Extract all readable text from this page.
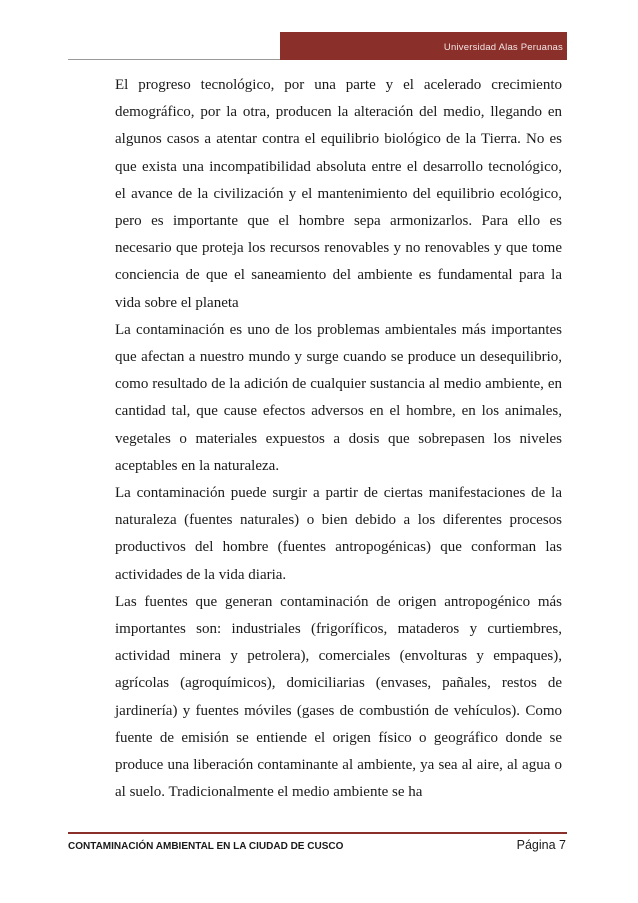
Universidad Alas Peruanas

El progreso tecnológico, por una parte y el acelerado crecimiento demográfico, por la otra, producen la alteración del medio, llegando en algunos casos a atentar contra el equilibrio biológico de la Tierra. No es que exista una incompatibilidad absoluta entre el desarrollo tecnológico, el avance de la civilización y el mantenimiento del equilibrio ecológico, pero es importante que el hombre sepa armonizarlos. Para ello es necesario que proteja los recursos renovables y no renovables y que tome conciencia de que el saneamiento del ambiente es fundamental para la vida sobre el planeta

La contaminación es uno de los problemas ambientales más importantes que afectan a nuestro mundo y surge cuando se produce un desequilibrio, como resultado de la adición de cualquier sustancia al medio ambiente, en cantidad tal, que cause efectos adversos en el hombre, en los animales, vegetales o materiales expuestos a dosis que sobrepasen los niveles aceptables en la naturaleza.

La contaminación puede surgir a partir de ciertas manifestaciones de la naturaleza (fuentes naturales) o bien debido a los diferentes procesos productivos del hombre (fuentes antropogénicas) que conforman las actividades de la vida diaria.

Las fuentes que generan contaminación de origen antropogénico más importantes son: industriales (frigoríficos, mataderos y curtiembres, actividad minera y petrolera), comerciales (envolturas y empaques), agrícolas (agroquímicos), domiciliarias (envases, pañales, restos de jardinería) y fuentes móviles (gases de combustión de vehículos). Como fuente de emisión se entiende el origen físico o geográfico donde se produce una liberación contaminante al ambiente, ya sea al aire, al agua o al suelo. Tradicionalmente el medio ambiente se ha

CONTAMINACIÓN AMBIENTAL EN LA CIUDAD DE CUSCO	Página 7
